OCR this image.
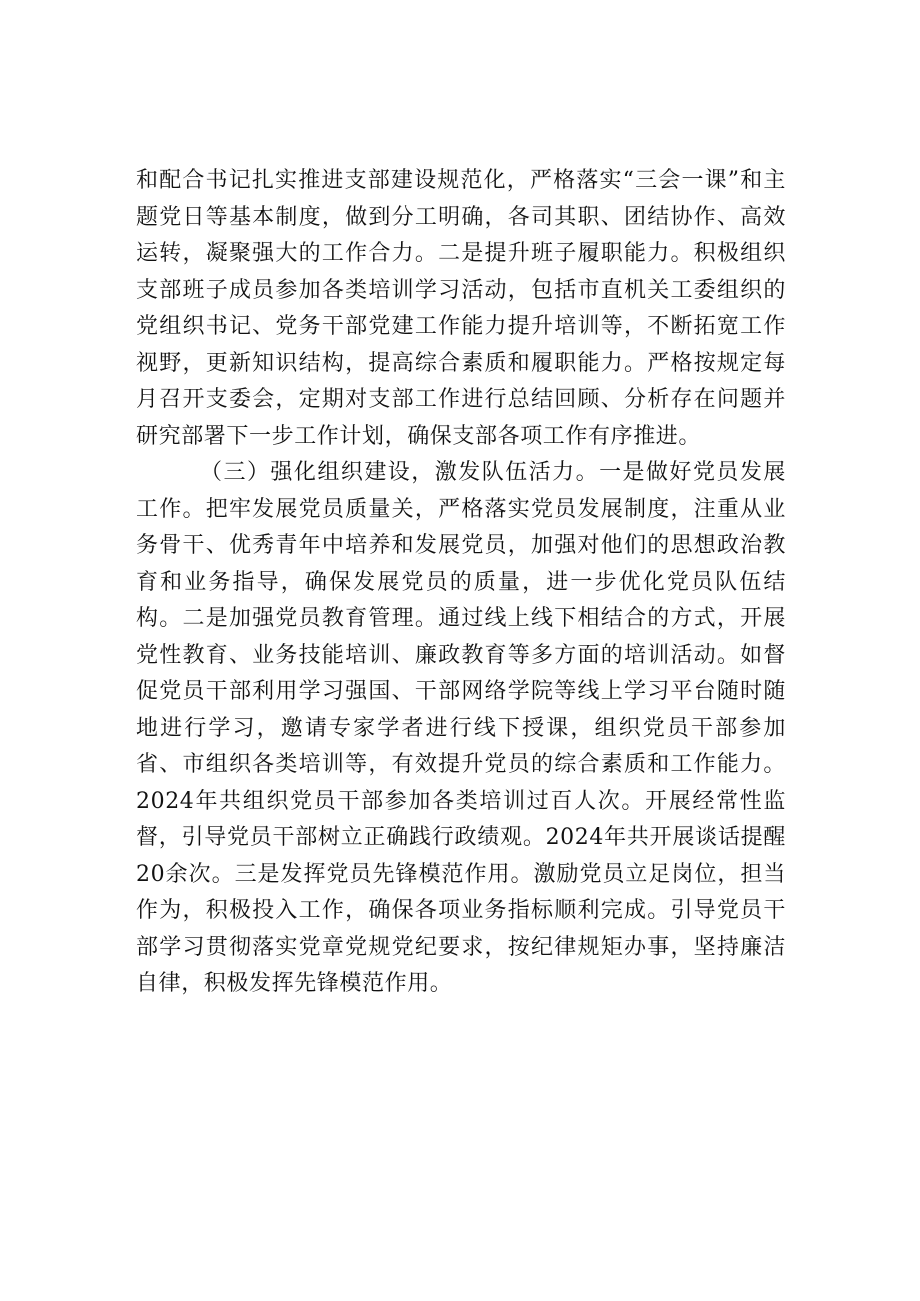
和配合书记扎实推进支部建设规范化，严格落实“三会一课”和主题党日等基本制度，做到分工明确，各司其职、团结协作、高效运转，凝聚强大的工作合力。二是提升班子履职能力。积极组织支部班子成员参加各类培训学习活动，包括市直机关工委组织的党组织书记、党务干部党建工作能力提升培训等，不断拓宽工作视野，更新知识结构，提高综合素质和履职能力。严格按规定每月召开支委会，定期对支部工作进行总结回顾、分析存在问题并研究部署下一步工作计划，确保支部各项工作有序推进。

（三）强化组织建设，激发队伍活力。一是做好党员发展工作。把牢发展党员质量关，严格落实党员发展制度，注重从业务骨干、优秀青年中培养和发展党员，加强对他们的思想政治教育和业务指导，确保发展党员的质量，进一步优化党员队伍结构。二是加强党员教育管理。通过线上线下相结合的方式，开展党性教育、业务技能培训、廉政教育等多方面的培训活动。如督促党员干部利用学习强国、干部网络学院等线上学习平台随时随地进行学习，邀请专家学者进行线下授课，组织党员干部参加省、市组织各类培训等，有效提升党员的综合素质和工作能力。2024年共组织党员干部参加各类培训过百人次。开展经常性监督，引导党员干部树立正确践行政绩观。2024年共开展谈话提醒20余次。三是发挥党员先锋模范作用。激励党员立足岗位，担当作为，积极投入工作，确保各项业务指标顺利完成。引导党员干部学习贯彻落实党章党规党纪要求，按纪律规矩办事，坚持廉洁自律，积极发挥先锋模范作用。
